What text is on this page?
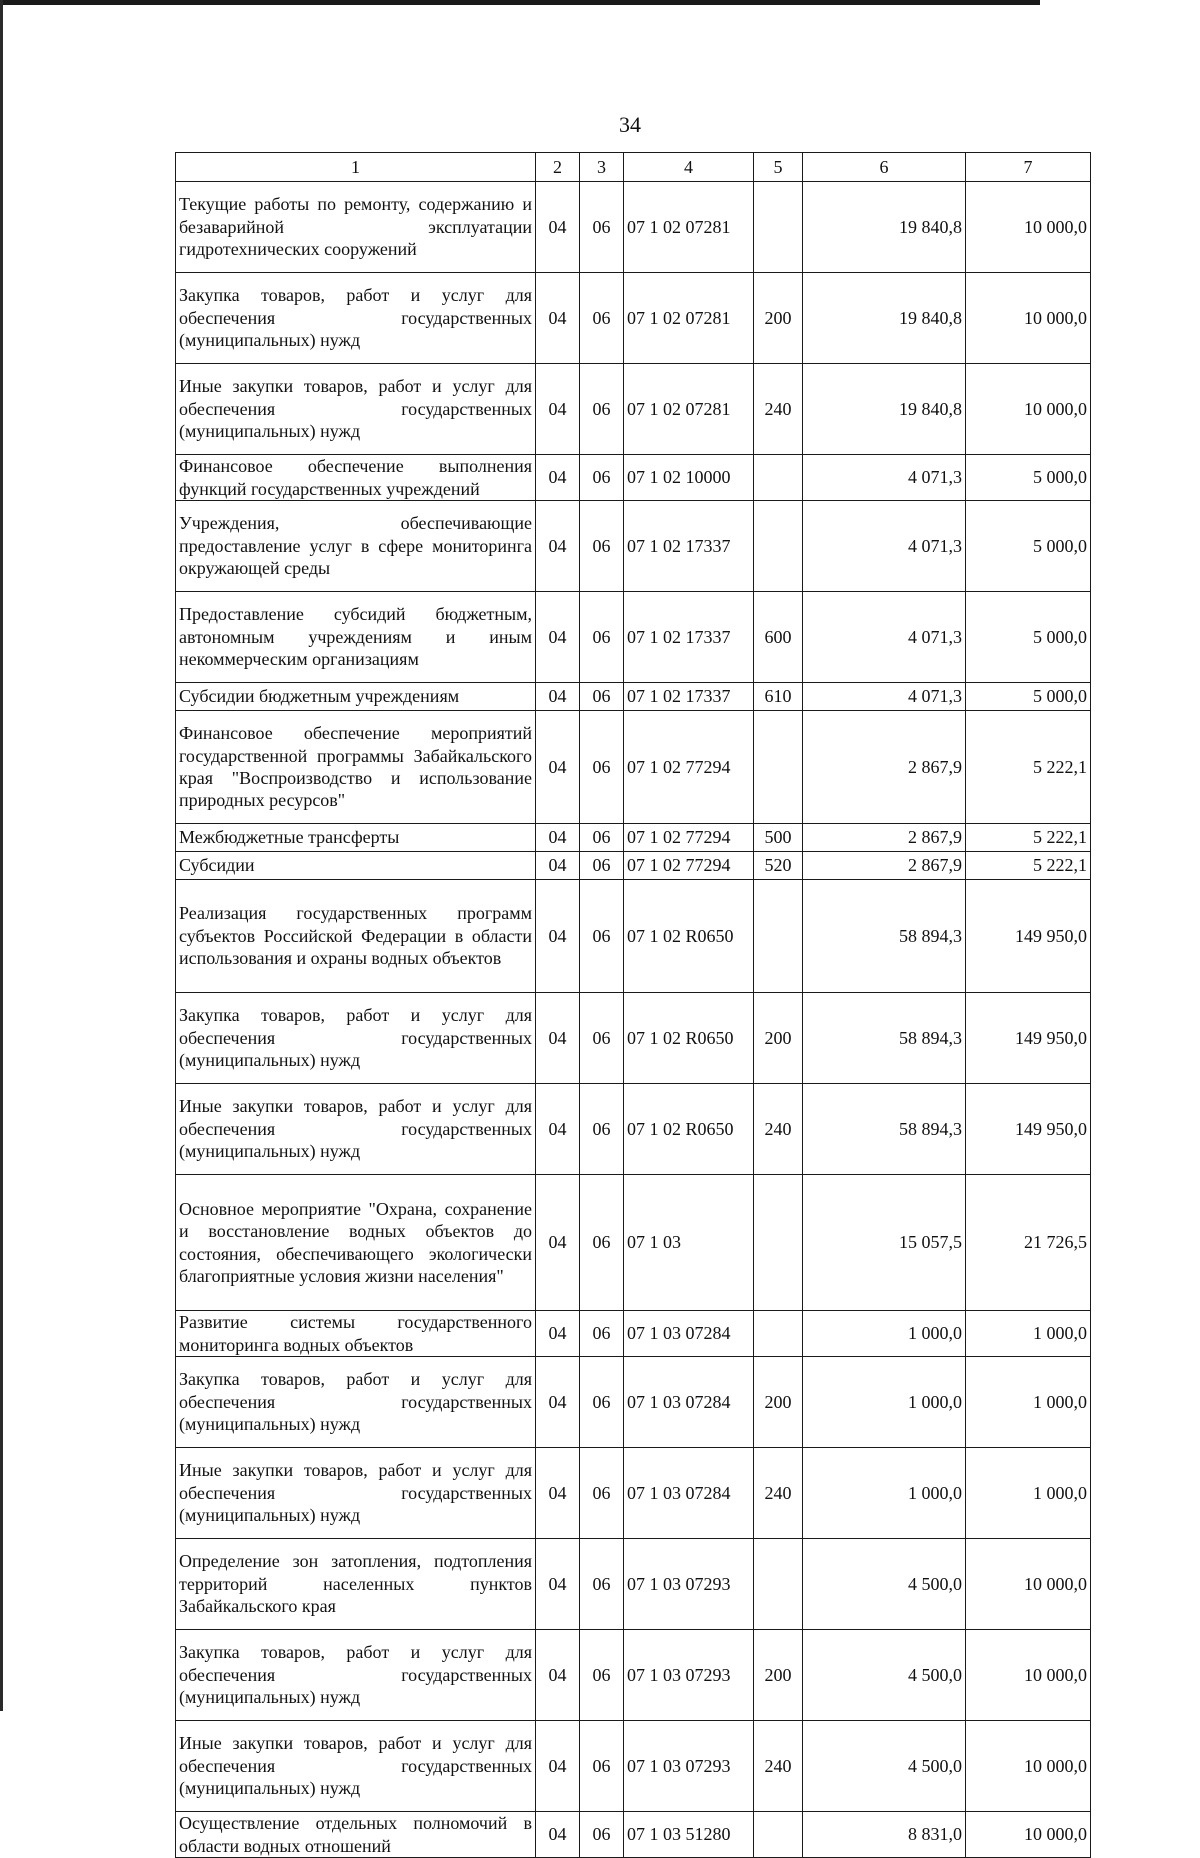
34
1	2	3	4	5	6	7
Текущие работы по ремонту, содержанию и безаварийной эксплуатации гидротехнических сооружений	04	06	07 1 02 07281		19 840,8	10 000,0
Закупка товаров, работ и услуг для обеспечения государственных (муниципальных) нужд	04	06	07 1 02 07281	200	19 840,8	10 000,0
Иные закупки товаров, работ и услуг для обеспечения государственных (муниципальных) нужд	04	06	07 1 02 07281	240	19 840,8	10 000,0
Финансовое обеспечение выполнения функций государственных учреждений	04	06	07 1 02 10000		4 071,3	5 000,0
Учреждения, обеспечивающие предоставление услуг в сфере мониторинга окружающей среды	04	06	07 1 02 17337		4 071,3	5 000,0
Предоставление субсидий бюджетным, автономным учреждениям и иным некоммерческим организациям	04	06	07 1 02 17337	600	4 071,3	5 000,0
Субсидии бюджетным учреждениям	04	06	07 1 02 17337	610	4 071,3	5 000,0
Финансовое обеспечение мероприятий государственной программы Забайкальского края "Воспроизводство и использование природных ресурсов"	04	06	07 1 02 77294		2 867,9	5 222,1
Межбюджетные трансферты	04	06	07 1 02 77294	500	2 867,9	5 222,1
Субсидии	04	06	07 1 02 77294	520	2 867,9	5 222,1
Реализация государственных программ субъектов Российской Федерации в области использования и охраны водных объектов	04	06	07 1 02 R0650		58 894,3	149 950,0
Закупка товаров, работ и услуг для обеспечения государственных (муниципальных) нужд	04	06	07 1 02 R0650	200	58 894,3	149 950,0
Иные закупки товаров, работ и услуг для обеспечения государственных (муниципальных) нужд	04	06	07 1 02 R0650	240	58 894,3	149 950,0
Основное мероприятие "Охрана, сохранение и восстановление водных объектов до состояния, обеспечивающего экологически благоприятные условия жизни населения"	04	06	07 1 03		15 057,5	21 726,5
Развитие системы государственного мониторинга водных объектов	04	06	07 1 03 07284		1 000,0	1 000,0
Закупка товаров, работ и услуг для обеспечения государственных (муниципальных) нужд	04	06	07 1 03 07284	200	1 000,0	1 000,0
Иные закупки товаров, работ и услуг для обеспечения государственных (муниципальных) нужд	04	06	07 1 03 07284	240	1 000,0	1 000,0
Определение зон затопления, подтопления территорий населенных пунктов Забайкальского края	04	06	07 1 03 07293		4 500,0	10 000,0
Закупка товаров, работ и услуг для обеспечения государственных (муниципальных) нужд	04	06	07 1 03 07293	200	4 500,0	10 000,0
Иные закупки товаров, работ и услуг для обеспечения государственных (муниципальных) нужд	04	06	07 1 03 07293	240	4 500,0	10 000,0
Осуществление отдельных полномочий в области водных отношений	04	06	07 1 03 51280		8 831,0	10 000,0
